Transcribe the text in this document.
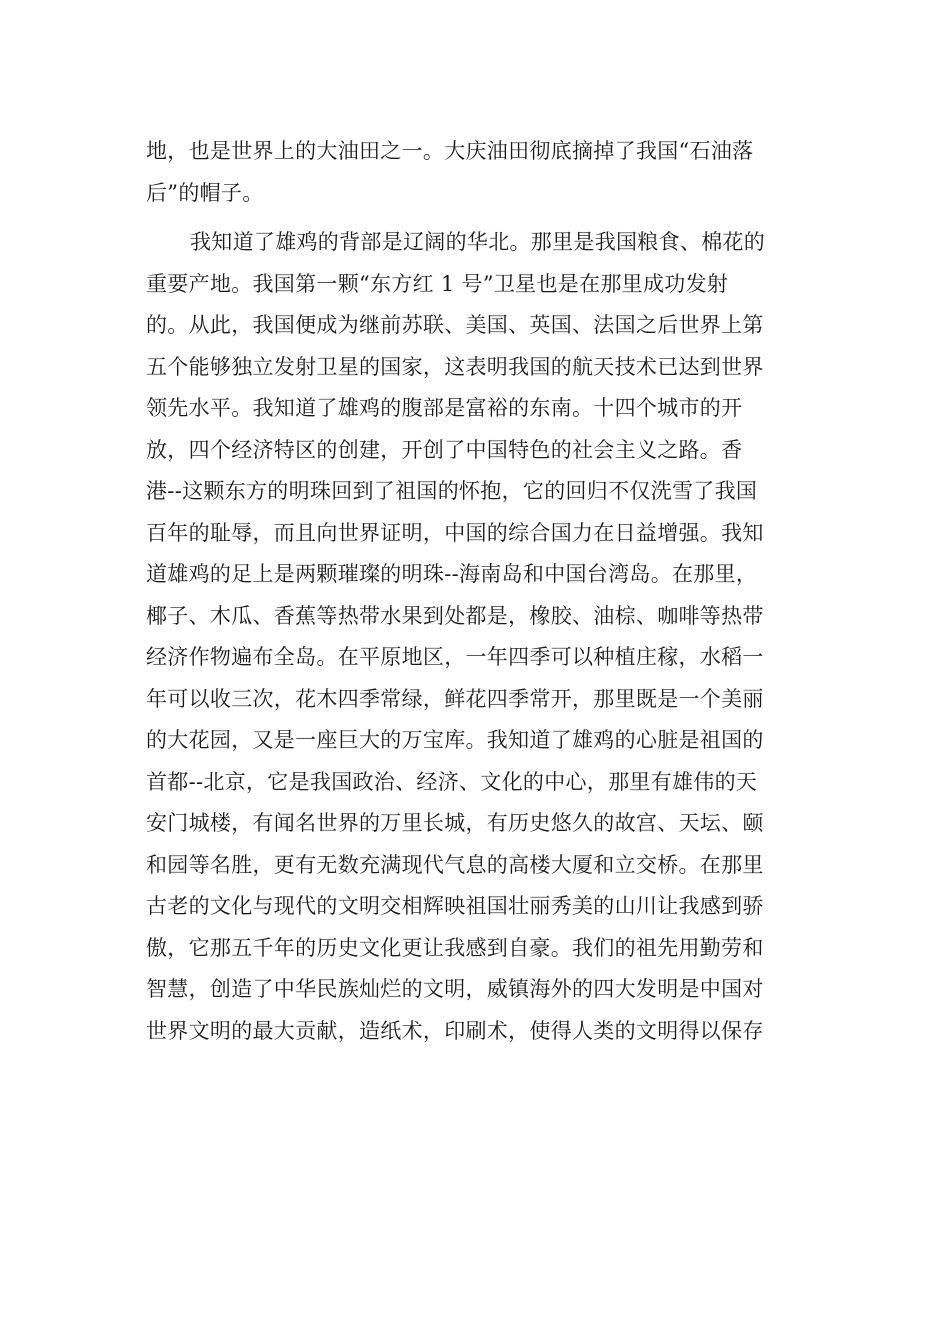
地，也是世界上的大油田之一。大庆油田彻底摘掉了我国“石油落
后”的帽子。
我知道了雄鸡的背部是辽阔的华北。那里是我国粮食、棉花的
重要产地。我国第一颗“东方红 1 号”卫星也是在那里成功发射
的。从此，我国便成为继前苏联、美国、英国、法国之后世界上第
五个能够独立发射卫星的国家，这表明我国的航天技术已达到世界
领先水平。我知道了雄鸡的腹部是富裕的东南。十四个城市的开
放，四个经济特区的创建，开创了中国特色的社会主义之路。香
港--这颗东方的明珠回到了祖国的怀抱，它的回归不仅洗雪了我国
百年的耻辱，而且向世界证明，中国的综合国力在日益增强。我知
道雄鸡的足上是两颗璀璨的明珠--海南岛和中国台湾岛。在那里，
椰子、木瓜、香蕉等热带水果到处都是，橡胶、油棕、咖啡等热带
经济作物遍布全岛。在平原地区，一年四季可以种植庄稼，水稻一
年可以收三次，花木四季常绿，鲜花四季常开，那里既是一个美丽
的大花园，又是一座巨大的万宝库。我知道了雄鸡的心脏是祖国的
首都--北京，它是我国政治、经济、文化的中心，那里有雄伟的天
安门城楼，有闻名世界的万里长城，有历史悠久的故宫、天坛、颐
和园等名胜，更有无数充满现代气息的高楼大厦和立交桥。在那里
古老的文化与现代的文明交相辉映祖国壮丽秀美的山川让我感到骄
傲，它那五千年的历史文化更让我感到自豪。我们的祖先用勤劳和
智慧，创造了中华民族灿烂的文明，威镇海外的四大发明是中国对
世界文明的最大贡献，造纸术，印刷术，使得人类的文明得以保存
